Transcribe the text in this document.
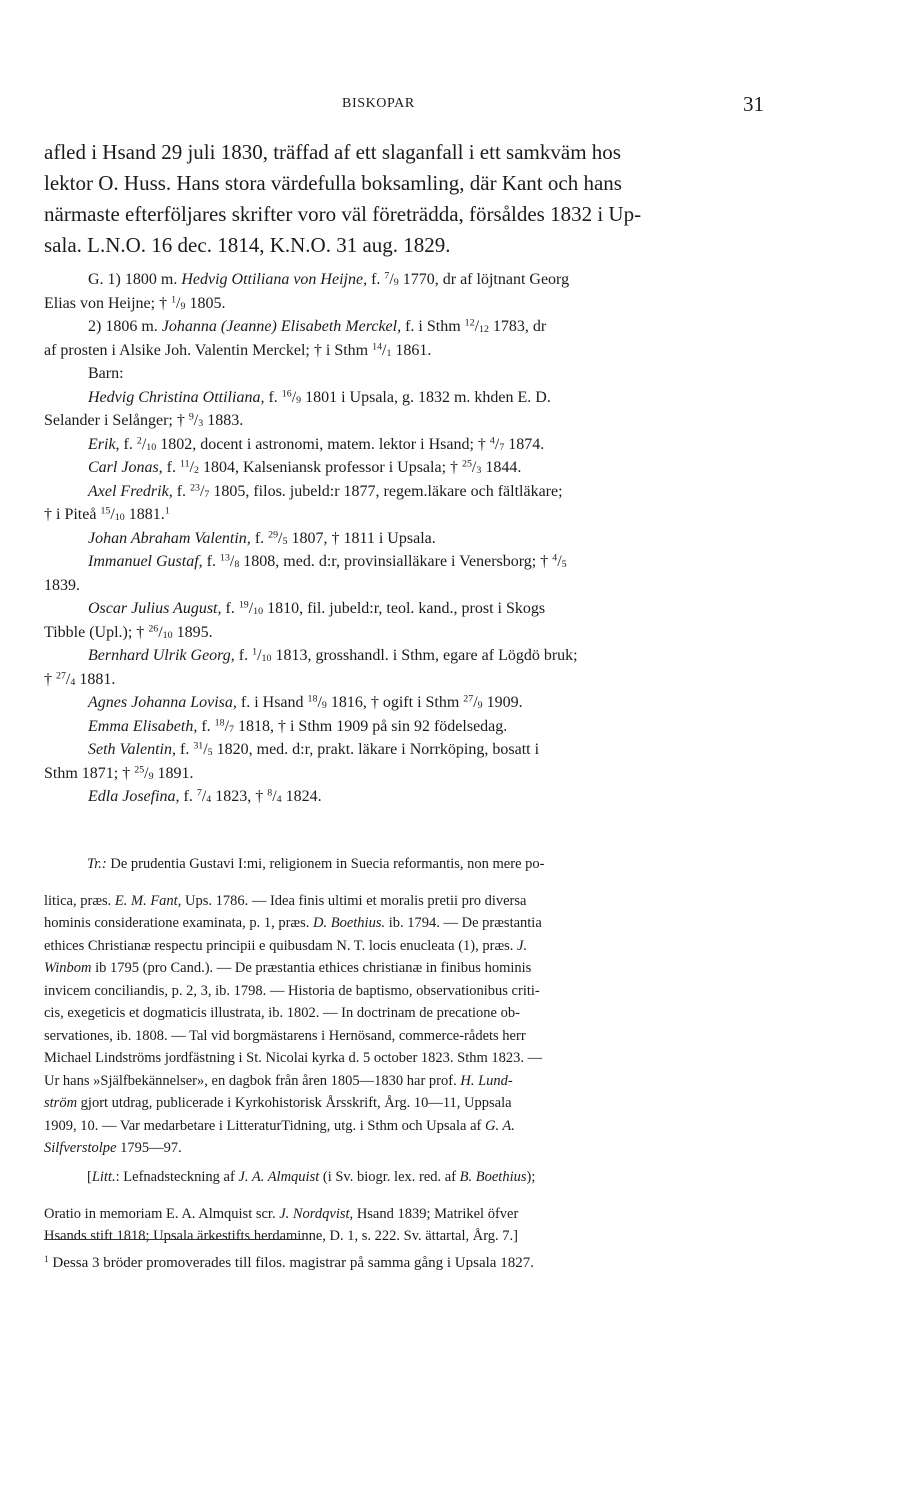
BISKOPAR	31

afled i Hsand 29 juli 1830, träffad af ett slaganfall i ett samkväm hos

lektor O. Huss. Hans stora värdefulla boksamling, där Kant och hans

närmaste efterföljares skrifter voro väl företrädda, försåldes 1832 i Up-

sala. L.N.O. 16 dec. 1814, K.N.O. 31 aug. 1829.

G. 1) 1800 m. Hedvig Ottiliana von Heijne, f. $^7/_9$ 1770, dr af löjtnant Georg

Elias von Heijne; † $^1/_9$ 1805.

2) 1806 m. Johanna (Jeanne) Elisabeth Merckel, f. i Sthm $^{12}/_{12}$ 1783, dr

af prosten i Alsike Joh. Valentin Merckel; † i Sthm $^{14}/_1$ 1861.

Barn:

Hedvig Christina Ottiliana, f. $^{16}/_9$ 1801 i Upsala, g. 1832 m. khden E. D.

Selander i Selånger; † $^9/_3$ 1883.

Erik, f. $^2/_{10}$ 1802, docent i astronomi, matem. lektor i Hsand; † $^4/_7$ 1874.

Carl Jonas, f. $^{11}/_2$ 1804, Kalseniansk professor i Upsala; † $^{25}/_3$ 1844.

Axel Fredrik, f. $^{23}/_7$ 1805, filos. jubeld:r 1877, regem.läkare och fältläkare;

† i Piteå $^{15}/_{10}$ 1881.$^1$

Johan Abraham Valentin, f. $^{29}/_5$ 1807, † 1811 i Upsala.

Immanuel Gustaf, f. $^{13}/_8$ 1808, med. d:r, provinsialläkare i Venersborg; † $^4/_5$

1839.

Oscar Julius August, f. $^{19}/_{10}$ 1810, fil. jubeld:r, teol. kand., prost i Skogs

Tibble (Upl.); † $^{26}/_{10}$ 1895.

Bernhard Ulrik Georg, f. $^1/_{10}$ 1813, grosshandl. i Sthm, egare af Lögdö bruk;

† $^{27}/_4$ 1881.

Agnes Johanna Lovisa, f. i Hsand $^{18}/_9$ 1816, † ogift i Sthm $^{27}/_9$ 1909.

Emma Elisabeth, f. $^{18}/_7$ 1818, † i Sthm 1909 på sin 92 födelsedag.

Seth Valentin, f. $^{31}/_5$ 1820, med. d:r, prakt. läkare i Norrköping, bosatt i

Sthm 1871; † $^{25}/_9$ 1891.

Edla Josefina, f. $^7/_4$ 1823, † $^8/_4$ 1824.

Tr.: De prudentia Gustavi I:mi, religionem in Suecia reformantis, non mere po-

litica, præs. E. M. Fant, Ups. 1786. — Idea finis ultimi et moralis pretii pro diversa

hominis consideratione examinata, p. 1, præs. D. Boethius. ib. 1794. — De præstantia

ethices Christianæ respectu principii e quibusdam N. T. locis enucleata (1), præs. J.

Winbom ib 1795 (pro Cand.). — De præstantia ethices christianæ in finibus hominis

invicem conciliandis, p. 2, 3, ib. 1798. — Historia de baptismo, observationibus criti-

cis, exegeticis et dogmaticis illustrata, ib. 1802. — In doctrinam de precatione ob-

servationes, ib. 1808. — Tal vid borgmästarens i Hernösand, commerce-rådets herr

Michael Lindströms jordfästning i St. Nicolai kyrka d. 5 october 1823. Sthm 1823. —

Ur hans »Själfbekännelser», en dagbok från åren 1805—1830 har prof. H. Lund-

ström gjort utdrag, publicerade i Kyrkohistorisk Årsskrift, Årg. 10—11, Uppsala

1909, 10. — Var medarbetare i LitteraturTidning, utg. i Sthm och Upsala af G. A.

Silfverstolpe 1795—97.

[Litt.: Lefnadsteckning af J. A. Almquist (i Sv. biogr. lex. red. af B. Boethius);

Oratio in memoriam E. A. Almquist scr. J. Nordqvist, Hsand 1839; Matrikel öfver

Hsands stift 1818; Upsala ärkestifts herdaminne, D. 1, s. 222. Sv. ättartal, Årg. 7.]

$^1$ Dessa 3 bröder promoverades till filos. magistrar på samma gång i Upsala 1827.
